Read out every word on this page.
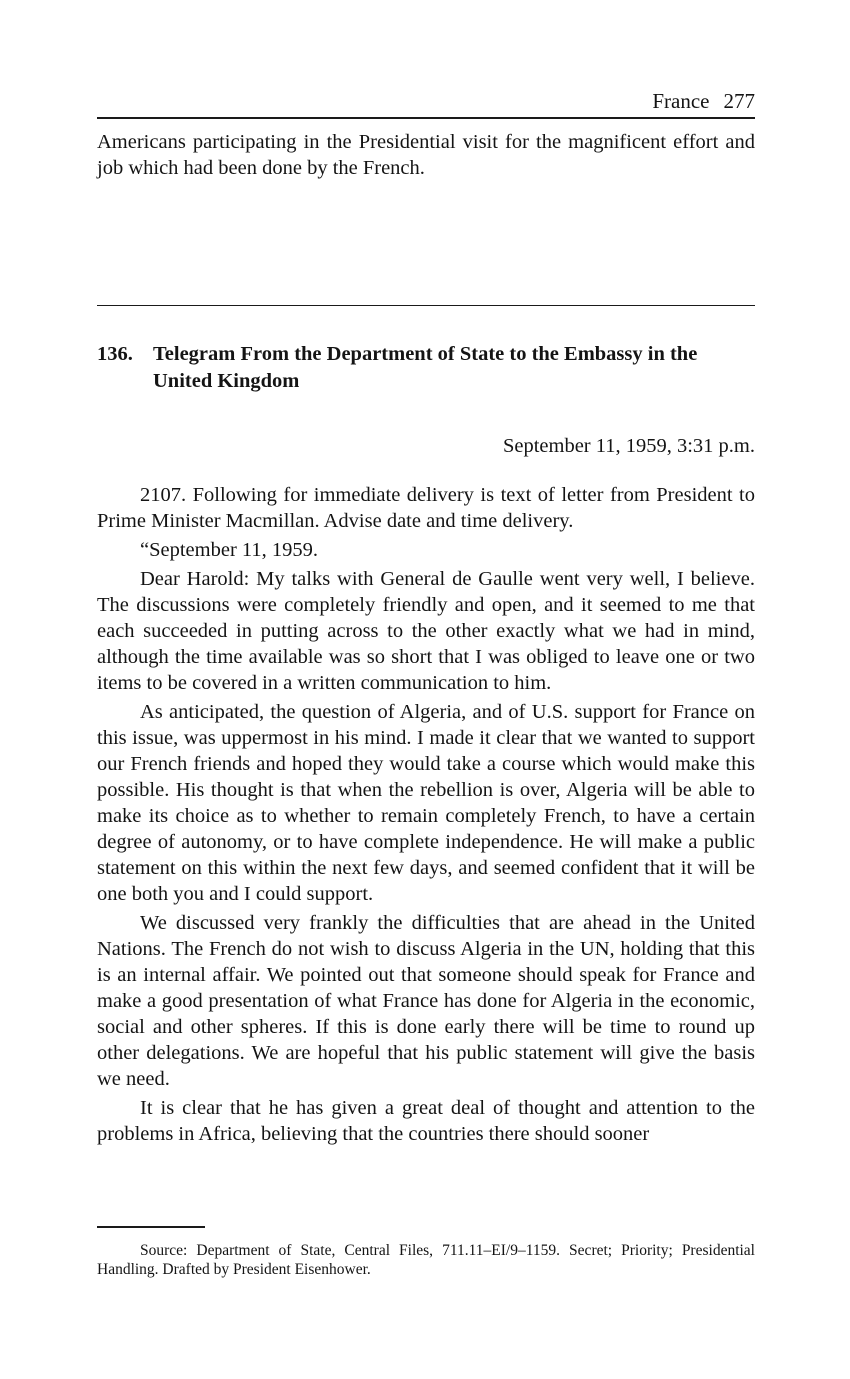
France 277

Americans participating in the Presidential visit for the magnificent effort and job which had been done by the French.

136. Telegram From the Department of State to the Embassy in the United Kingdom
September 11, 1959, 3:31 p.m.

2107. Following for immediate delivery is text of letter from President to Prime Minister Macmillan. Advise date and time delivery.

“September 11, 1959.

Dear Harold: My talks with General de Gaulle went very well, I believe. The discussions were completely friendly and open, and it seemed to me that each succeeded in putting across to the other exactly what we had in mind, although the time available was so short that I was obliged to leave one or two items to be covered in a written communication to him.

As anticipated, the question of Algeria, and of U.S. support for France on this issue, was uppermost in his mind. I made it clear that we wanted to support our French friends and hoped they would take a course which would make this possible. His thought is that when the rebellion is over, Algeria will be able to make its choice as to whether to remain completely French, to have a certain degree of autonomy, or to have complete independence. He will make a public statement on this within the next few days, and seemed confident that it will be one both you and I could support.

We discussed very frankly the difficulties that are ahead in the United Nations. The French do not wish to discuss Algeria in the UN, holding that this is an internal affair. We pointed out that someone should speak for France and make a good presentation of what France has done for Algeria in the economic, social and other spheres. If this is done early there will be time to round up other delegations. We are hopeful that his public statement will give the basis we need.

It is clear that he has given a great deal of thought and attention to the problems in Africa, believing that the countries there should sooner

Source: Department of State, Central Files, 711.11–EI/9–1159. Secret; Priority; Presidential Handling. Drafted by President Eisenhower.
